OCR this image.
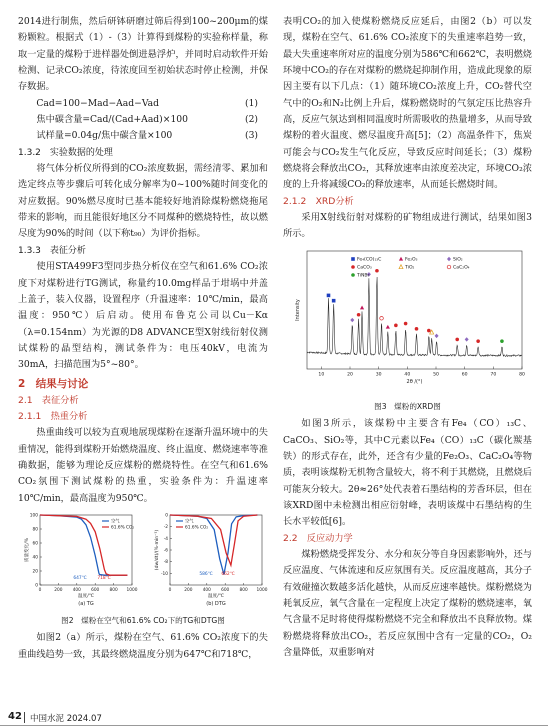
2014进行制焦，然后研钵研磨过筛后得到100~200μm的煤粉颗粒。根据式（1）-（3）计算得到煤粉的实验称样量，称取一定量的煤粉于进样器处倒进悬浮炉，并同时启动软件开始检测、记录CO₂浓度，待浓度回至初始状态时停止检测，并保存数据。

Cad=100−Mad−Aad−Vad	(1)
焦中碳含量=Cad/(Cad+Aad)×100	(2)
试样量=0.04g/焦中碳含量×100	(3)

1.3.2　实验数据的处理

将气体分析仪所得到的CO₂浓度数据，需经清零、累加和选定终点等步骤后可转化成分解率为0~100%随时间变化的对应数据。90%燃尽度时已基本能较好地消除煤粉燃烧拖尾带来的影响，而且能很好地区分不同煤种的燃烧特性，故以燃尽度为90%的时间（以下称t₉₀）为评价指标。

1.3.3　表征分析

使用STA499F3型同步热分析仪在空气和61.6% CO₂浓度下对煤粉进行TG测试，称量约10.0mg样品于坩埚中并盖上盖子，装入仪器，设置程序（升温速率：10℃/min，最高温度：950℃）后启动。使用布鲁克公司以Cu－Kα（λ=0.154nm）为光源的D8 ADVANCE型X射线衍射仪测试煤粉的晶型结构，测试条件为：电压40kV，电流为30mA，扫描范围为5°~80°。

2　结果与讨论

2.1　表征分析

2.1.1　热重分析

热重曲线可以较为直观地展现煤粉在逐渐升温环境中的失重情况，能得到煤粉开始燃烧温度、终止温度、燃烧速率等准确数据，能够为理论反应煤粉的燃烧特性。在空气和61.6% CO₂氛围下测试煤粉的热重，实验条件为：升温速率10℃/min，最高温度为950℃。

0	200 400 600 800 1000
0
20
40
60
80
100
温度/℃
质量变化/%
空气
61.6% CO₂
647℃ 718℃
(a) TG
0	200 400 600 800 1000
0
-2
-4
-6
-8
-10
温度/℃
(dw/dt)/(%·min⁻¹)
空气
61.6% CO₂
586℃ 662℃
(b) DTG
图2　煤粉在空气和61.6% CO₂下的TG和DTG图

如图2（a）所示，煤粉在空气、61.6% CO₂浓度下的失重曲线趋势一致，其最终燃烧温度分别为647℃和718℃，

表明CO₂的加入使煤粉燃烧反应延后，由图2（b）可以发现，煤粉在空气、61.6% CO₂浓度下的失重速率趋势一致，最大失重速率所对应的温度分别为586℃和662℃，表明燃烧环境中CO₂的存在对煤粉的燃烧起抑制作用，造成此现象的原因主要有以下几点：（1）随环境CO₂浓度上升，CO₂替代空气中的O₂和N₂比例上升后，煤粉燃烧时的气氛定压比热容升高，反应气氛达到相同温度时所需吸收的热量增多，从而导致煤粉的着火温度、燃尽温度升高[5]；（2）高温条件下，焦炭可能会与CO₂发生气化反应，导致反应时间延长；（3）煤粉燃烧将会释放出CO₂，其释放速率由浓度差决定，环境CO₂浓度的上升将减缓CO₂的释放速率，从而延长燃烧时间。

2.1.2　XRD分析

采用X射线衍射对煤粉的矿物组成进行测试，结果如图3所示。

10	20	30	40	50	60	70	80
2θ /(°)
Intensity
Fe₄(CO)₁₃C	Fe₂O₃	SiO₂
CaCO₃	TiO₂	CaC₂O₄
TiNBr
图3　煤粉的XRD图

如图3所示，该煤粉中主要含有Fe₄（CO）₁₃C、CaCO₃、SiO₂等，其中C元素以Fe₄（CO）₁₃C（碳化羰基铁）的形式存在，此外，还含有少量的Fe₂O₃、CaC₂O₄等物质，表明该煤粉无机物含量较大，将不利于其燃烧，且燃烧后可能灰分较大。2θ≈26°处代表着石墨结构的芳香环层，但在该XRD图中未检测出相应衍射峰，表明该煤中石墨结构的生长水平较低[6]。

2.2　反应动力学

煤粉燃烧受挥发分、水分和灰分等自身因素影响外，还与反应温度、气体流速和反应氛围有关。反应温度越高，其分子有效碰撞次数越多活化越快，从而反应速率越快。煤粉燃烧为耗氧反应，氧气含量在一定程度上决定了煤粉的燃烧速率，氧气含量不足时将使得煤粉燃烧不完全和释放出不良释放物。煤粉燃烧将释放出CO₂，若反应氛围中含有一定量的CO₂，O₂含量降低，双重影响对

42 中国水泥 2024.07
